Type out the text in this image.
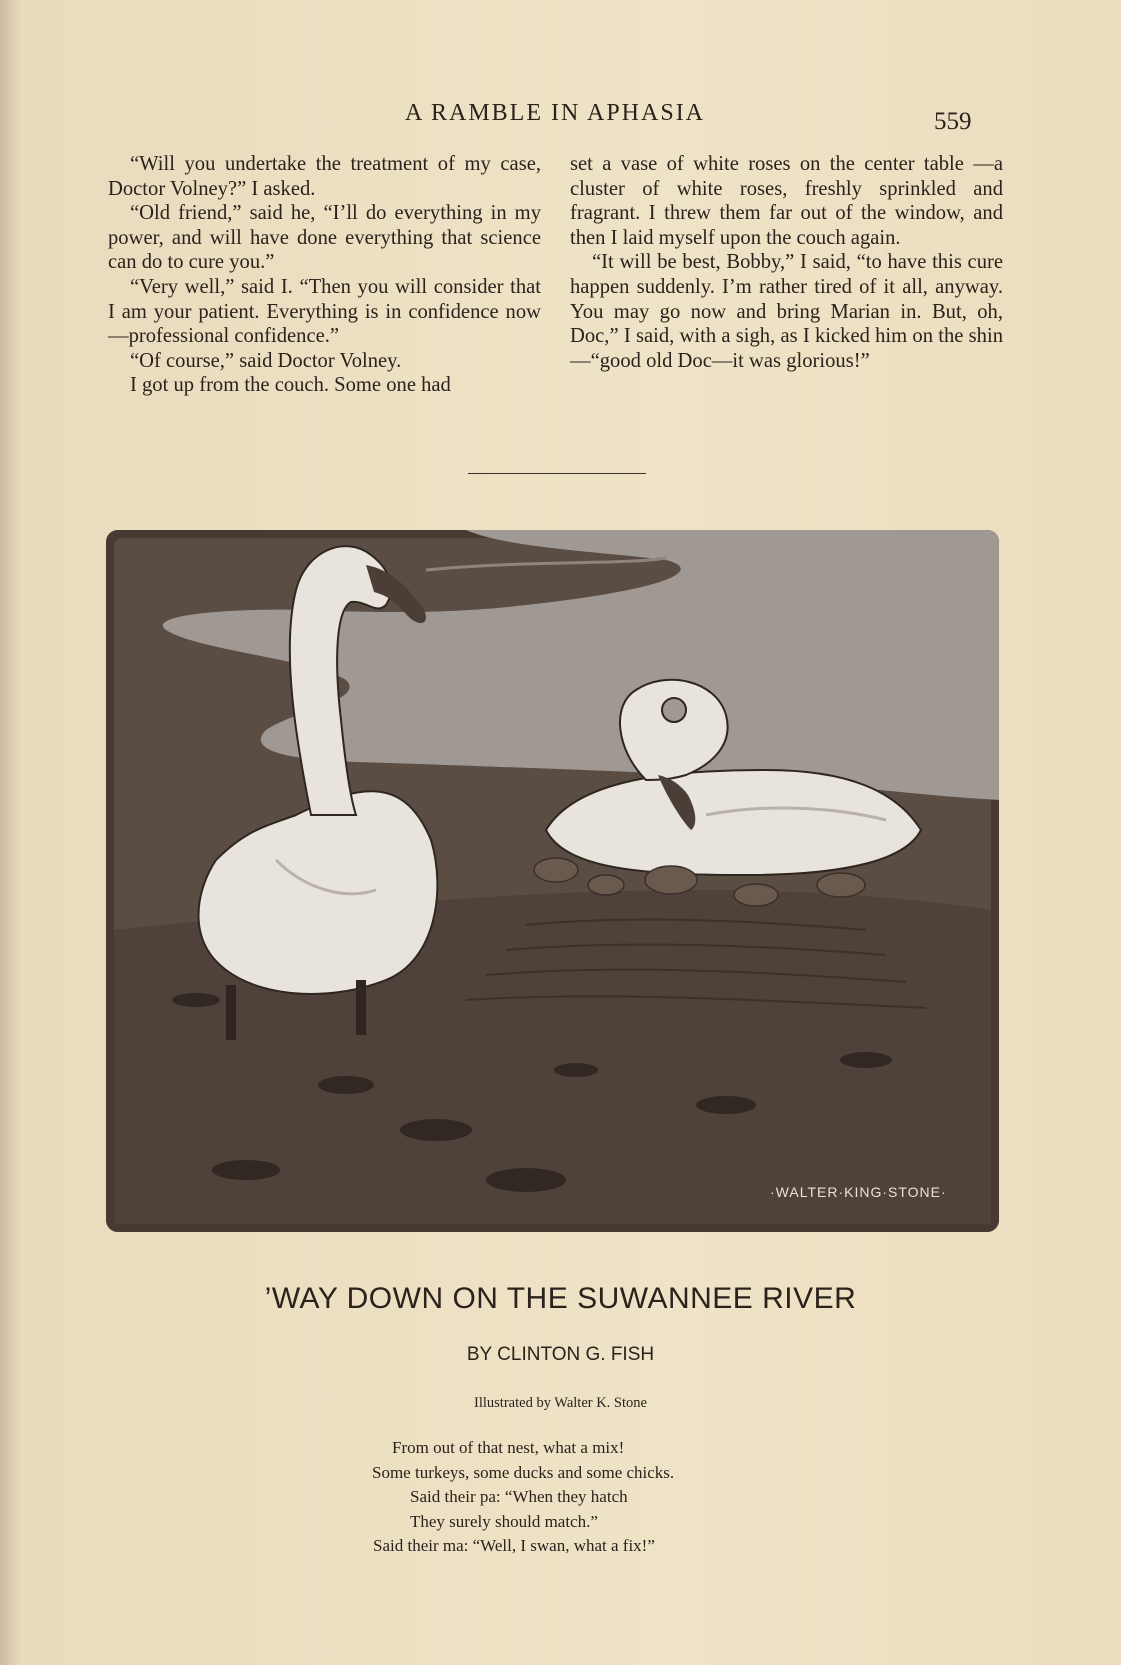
A RAMBLE IN APHASIA	559

“Will you undertake the treatment of my case, Doctor Volney?” I asked.

“Old friend,” said he, “I’ll do everything in my power, and will have done everything that science can do to cure you.”

“Very well,” said I. “Then you will consider that I am your patient. Everything is in confidence now—professional confidence.”

“Of course,” said Doctor Volney.

I got up from the couch. Some one had

set a vase of white roses on the center table —a cluster of white roses, freshly sprinkled and fragrant. I threw them far out of the window, and then I laid myself upon the couch again.

“It will be best, Bobby,” I said, “to have this cure happen suddenly. I’m rather tired of it all, anyway. You may go now and bring Marian in. But, oh, Doc,” I said, with a sigh, as I kicked him on the shin—“good old Doc—it was glorious!”

·WALTER·KING·STONE·
’WAY DOWN ON THE SUWANNEE RIVER
BY CLINTON G. FISH
Illustrated by Walter K. Stone
From out of that nest, what a mix!
Some turkeys, some ducks and some chicks.
Said their pa: “When they hatch
They surely should match.”
Said their ma: “Well, I swan, what a fix!”
